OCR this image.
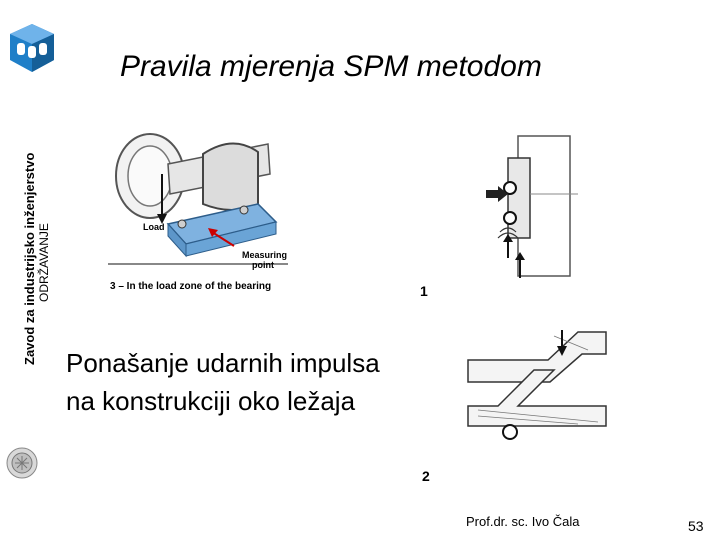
Pravila mjerenja SPM metodom
Zavod za industrijsko inženjerstvo ODRŽAVANJE	Load
Measuring
point
3 – In the load zone of the bearing	1
Ponašanje udarnih impulsa
na konstrukciji oko ležaja
2
Prof.dr. sc. Ivo Čala	53
